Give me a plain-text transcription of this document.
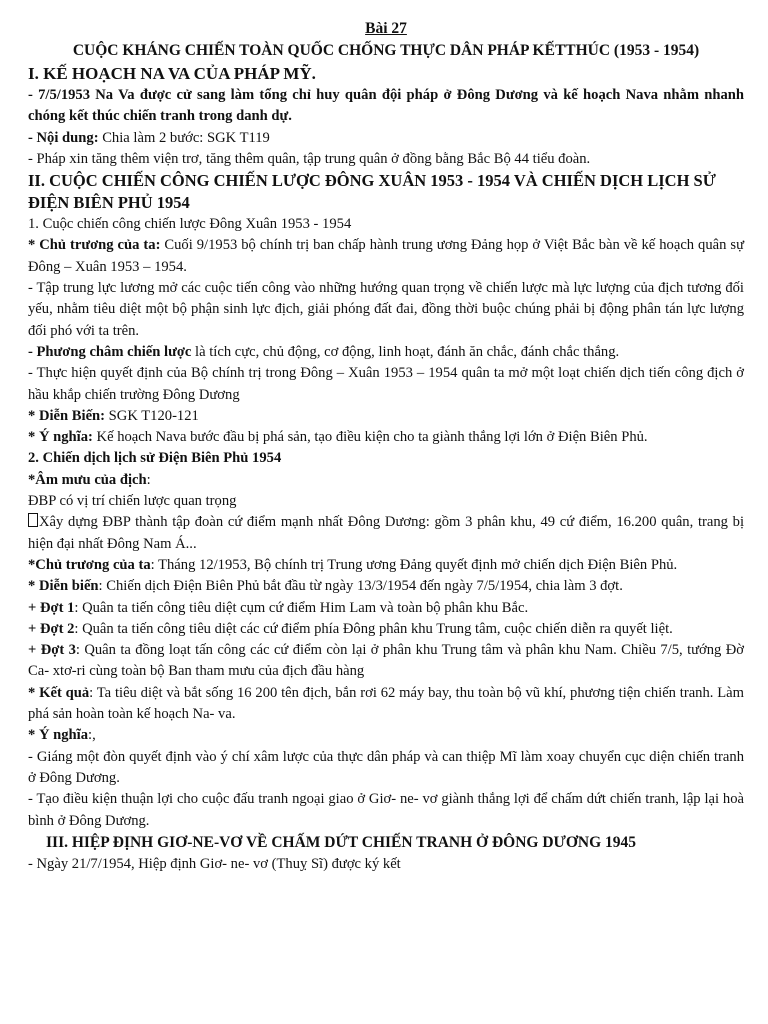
Bài 27
CUỘC KHÁNG CHIẾN TOÀN QUỐC CHỐNG THỰC DÂN PHÁP KẾTTHÚC (1953 - 1954)
I. KẾ HOẠCH NA VA CỦA PHÁP MỸ.
- 7/5/1953 Na Va được cử sang làm tổng chỉ huy quân đội pháp ở Đông Dương và kế hoạch Nava nhằm nhanh chóng kết thúc chiến tranh trong danh dự.
- Nội dung: Chia làm 2 bước: SGK T119
- Pháp xin tăng thêm viện trơ, tăng thêm quân, tập trung quân ở đồng bằng Bắc Bộ 44 tiểu đoàn.
II. CUỘC CHIẾN CÔNG CHIẾN LƯỢC ĐÔNG XUÂN 1953 - 1954 VÀ CHIẾN DỊCH LỊCH SỬ ĐIỆN BIÊN PHỦ 1954
1. Cuộc chiến công chiến lược Đông Xuân 1953 - 1954
* Chủ trương của ta: Cuối 9/1953 bộ chính trị ban chấp hành trung ương Đảng họp ở Việt Bắc bàn về kế hoạch quân sự Đông – Xuân 1953 – 1954.
- Tập trung lực lương mở các cuộc tiến công vào những hướng quan trọng về chiến lược mà lực lượng của địch tương đối yếu, nhằm tiêu diệt một bộ phận sinh lực địch, giải phóng đất đai, đồng thời buộc chúng phải bị động phân tán lực lượng đối phó với ta trên.
- Phương châm chiến lược là tích cực, chủ động, cơ động, linh hoạt, đánh ăn chắc, đánh chắc thắng.
- Thực hiện quyết định của Bộ chính trị trong Đông – Xuân 1953 – 1954 quân ta mở một loạt chiến dịch tiến công địch ở hầu khắp chiến trường Đông Dương
* Diễn Biến: SGK T120-121
* Ý nghĩa: Kế hoạch Nava bước đầu bị phá sản, tạo điều kiện cho ta giành thắng lợi lớn ở Điện Biên Phủ.
2. Chiến dịch lịch sử Điện Biên Phủ 1954
*Âm mưu của địch:
ĐBP có vị trí chiến lược quan trọng
Xây dựng ĐBP thành tập đoàn cứ điểm mạnh nhất Đông Dương: gồm 3 phân khu, 49 cứ điểm, 16.200 quân, trang bị hiện đại nhất Đông Nam Á...
*Chủ trương của ta: Tháng 12/1953, Bộ chính trị Trung ương Đảng quyết định mở chiến dịch Điện Biên Phủ.
* Diễn biến: Chiến dịch Điện Biên Phủ bắt đầu từ ngày 13/3/1954 đến ngày 7/5/1954, chia làm 3 đợt.
+ Đợt 1: Quân ta tiến công tiêu diệt cụm cứ điểm Him Lam và toàn bộ phân khu Bắc.
+ Đợt 2: Quân ta tiến công tiêu diệt các cứ điểm phía Đông phân khu Trung tâm, cuộc chiến diễn ra quyết liệt.
+ Đợt 3: Quân ta đồng loạt tấn công các cứ điểm còn lại ở phân khu Trung tâm và phân khu Nam. Chiều 7/5, tướng Đờ Ca- xtơ-ri cùng toàn bộ Ban tham mưu của địch đầu hàng
* Kết quả: Ta tiêu diệt và bắt sống 16 200 tên địch, bắn rơi 62 máy bay, thu toàn bộ vũ khí, phương tiện chiến tranh. Làm phá sản hoàn toàn kế hoạch Na- va.
* Ý nghĩa:,
- Giáng một đòn quyết định vào ý chí xâm lược của thực dân pháp và can thiệp Mĩ làm xoay chuyển cục diện chiến tranh ở Đông Dương.
- Tạo điều kiện thuận lợi cho cuộc đấu tranh ngoại giao ở Giơ- ne- vơ giành thắng lợi để chấm dứt chiến tranh, lập lại hoà bình ở Đông Dương.
III. HIỆP ĐỊNH GIƠ-NE-VƠ VỀ CHẤM DỨT CHIẾN TRANH Ở ĐÔNG DƯƠNG 1945
- Ngày 21/7/1954, Hiệp định Giơ- ne- vơ (Thuỵ Sĩ) được ký kết
